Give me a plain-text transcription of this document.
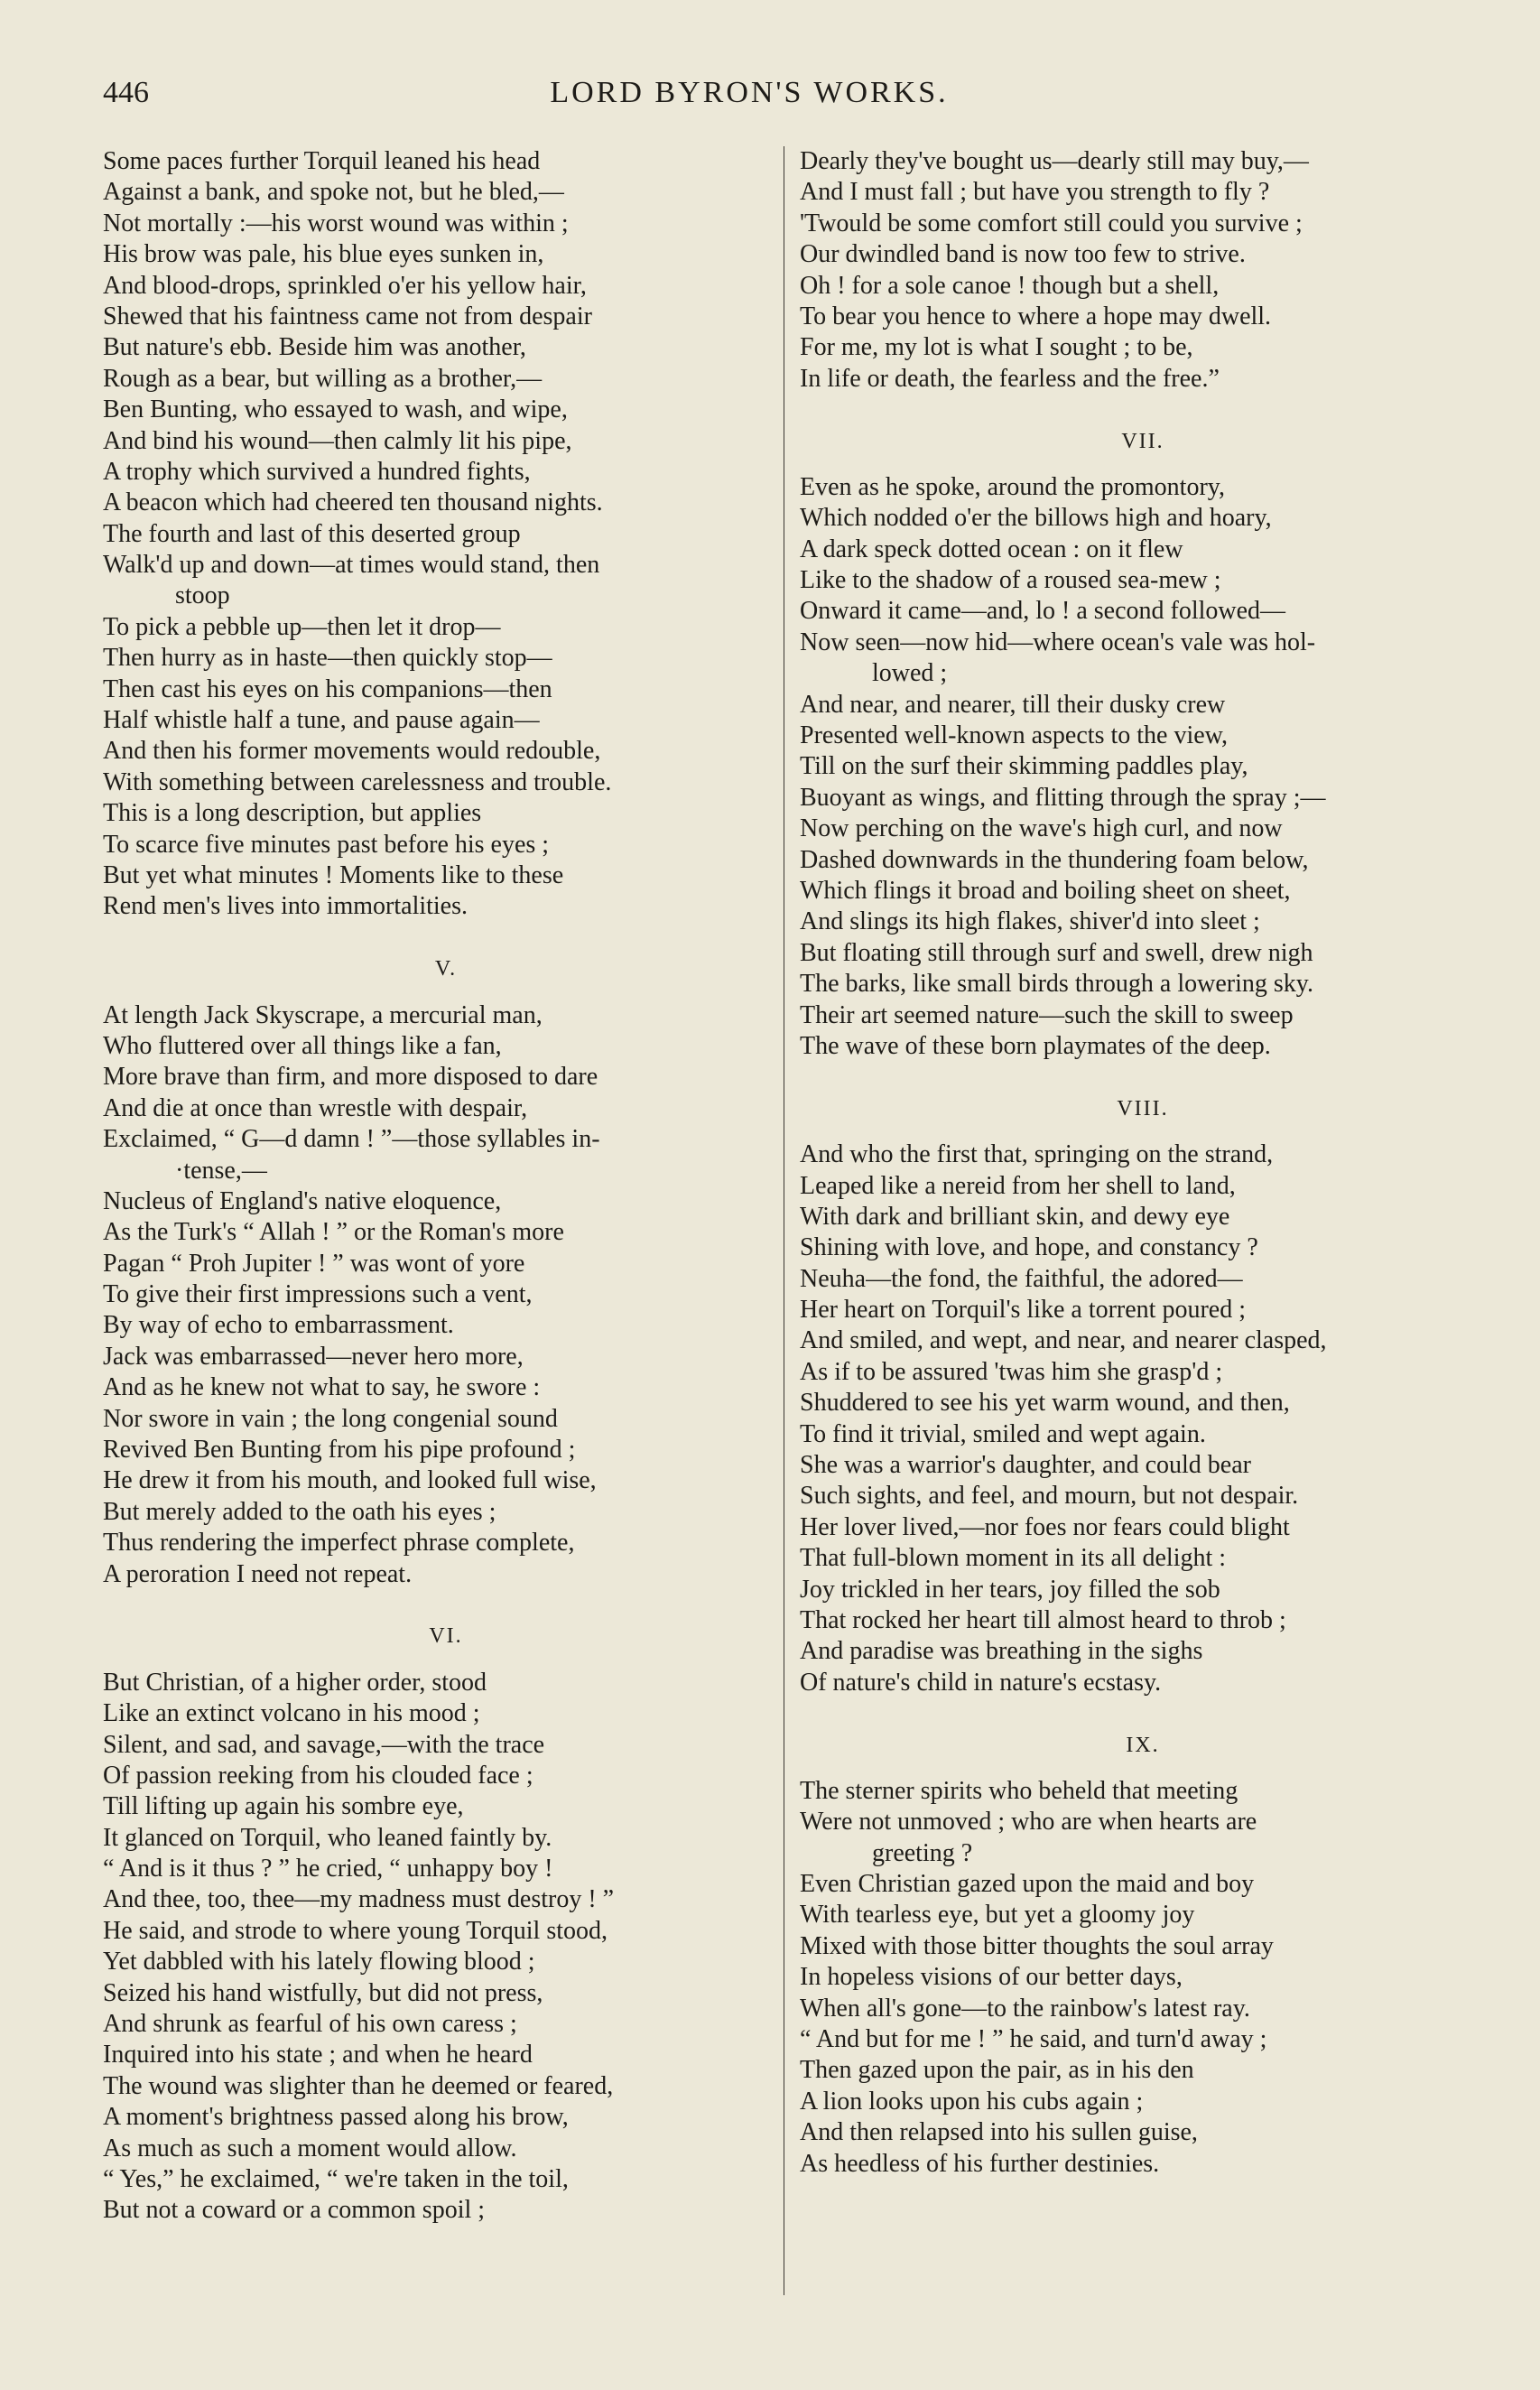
446	LORD BYRON'S WORKS.
Some paces further Torquil leaned his head
Against a bank, and spoke not, but he bled,—
Not mortally :—his worst wound was within ;
His brow was pale, his blue eyes sunken in,
And blood-drops, sprinkled o'er his yellow hair,
Shewed that his faintness came not from despair
But nature's ebb. Beside him was another,
Rough as a bear, but willing as a brother,—
Ben Bunting, who essayed to wash, and wipe,
And bind his wound—then calmly lit his pipe,
A trophy which survived a hundred fights,
A beacon which had cheered ten thousand nights.
The fourth and last of this deserted group
Walk'd up and down—at times would stand, then
stoop
To pick a pebble up—then let it drop—
Then hurry as in haste—then quickly stop—
Then cast his eyes on his companions—then
Half whistle half a tune, and pause again—
And then his former movements would redouble,
With something between carelessness and trouble.
This is a long description, but applies
To scarce five minutes past before his eyes ;
But yet what minutes ! Moments like to these
Rend men's lives into immortalities.
V.
At length Jack Skyscrape, a mercurial man,
Who fluttered over all things like a fan,
More brave than firm, and more disposed to dare
And die at once than wrestle with despair,
Exclaimed, “ G—d damn ! ”—those syllables in-
·tense,—
Nucleus of England's native eloquence,
As the Turk's “ Allah ! ” or the Roman's more
Pagan “ Proh Jupiter ! ” was wont of yore
To give their first impressions such a vent,
By way of echo to embarrassment.
Jack was embarrassed—never hero more,
And as he knew not what to say, he swore :
Nor swore in vain ; the long congenial sound
Revived Ben Bunting from his pipe profound ;
He drew it from his mouth, and looked full wise,
But merely added to the oath his eyes ;
Thus rendering the imperfect phrase complete,
A peroration I need not repeat.
VI.
But Christian, of a higher order, stood
Like an extinct volcano in his mood ;
Silent, and sad, and savage,—with the trace
Of passion reeking from his clouded face ;
Till lifting up again his sombre eye,
It glanced on Torquil, who leaned faintly by.
“ And is it thus ? ” he cried, “ unhappy boy !
And thee, too, thee—my madness must destroy ! ”
He said, and strode to where young Torquil stood,
Yet dabbled with his lately flowing blood ;
Seized his hand wistfully, but did not press,
And shrunk as fearful of his own caress ;
Inquired into his state ; and when he heard
The wound was slighter than he deemed or feared,
A moment's brightness passed along his brow,
As much as such a moment would allow.
“ Yes,” he exclaimed, “ we're taken in the toil,
But not a coward or a common spoil ;
Dearly they've bought us—dearly still may buy,—
And I must fall ; but have you strength to fly ?
'Twould be some comfort still could you survive ;
Our dwindled band is now too few to strive.
Oh ! for a sole canoe ! though but a shell,
To bear you hence to where a hope may dwell.
For me, my lot is what I sought ; to be,
In life or death, the fearless and the free.”
VII.
Even as he spoke, around the promontory,
Which nodded o'er the billows high and hoary,
A dark speck dotted ocean : on it flew
Like to the shadow of a roused sea-mew ;
Onward it came—and, lo ! a second followed—
Now seen—now hid—where ocean's vale was hol-
lowed ;
And near, and nearer, till their dusky crew
Presented well-known aspects to the view,
Till on the surf their skimming paddles play,
Buoyant as wings, and flitting through the spray ;—
Now perching on the wave's high curl, and now
Dashed downwards in the thundering foam below,
Which flings it broad and boiling sheet on sheet,
And slings its high flakes, shiver'd into sleet ;
But floating still through surf and swell, drew nigh
The barks, like small birds through a lowering sky.
Their art seemed nature—such the skill to sweep
The wave of these born playmates of the deep.
VIII.
And who the first that, springing on the strand,
Leaped like a nereid from her shell to land,
With dark and brilliant skin, and dewy eye
Shining with love, and hope, and constancy ?
Neuha—the fond, the faithful, the adored—
Her heart on Torquil's like a torrent poured ;
And smiled, and wept, and near, and nearer clasped,
As if to be assured 'twas him she grasp'd ;
Shuddered to see his yet warm wound, and then,
To find it trivial, smiled and wept again.
She was a warrior's daughter, and could bear
Such sights, and feel, and mourn, but not despair.
Her lover lived,—nor foes nor fears could blight
That full-blown moment in its all delight :
Joy trickled in her tears, joy filled the sob
That rocked her heart till almost heard to throb ;
And paradise was breathing in the sighs
Of nature's child in nature's ecstasy.
IX.
The sterner spirits who beheld that meeting
Were not unmoved ; who are when hearts are
greeting ?
Even Christian gazed upon the maid and boy
With tearless eye, but yet a gloomy joy
Mixed with those bitter thoughts the soul array
In hopeless visions of our better days,
When all's gone—to the rainbow's latest ray.
“ And but for me ! ” he said, and turn'd away ;
Then gazed upon the pair, as in his den
A lion looks upon his cubs again ;
And then relapsed into his sullen guise,
As heedless of his further destinies.
